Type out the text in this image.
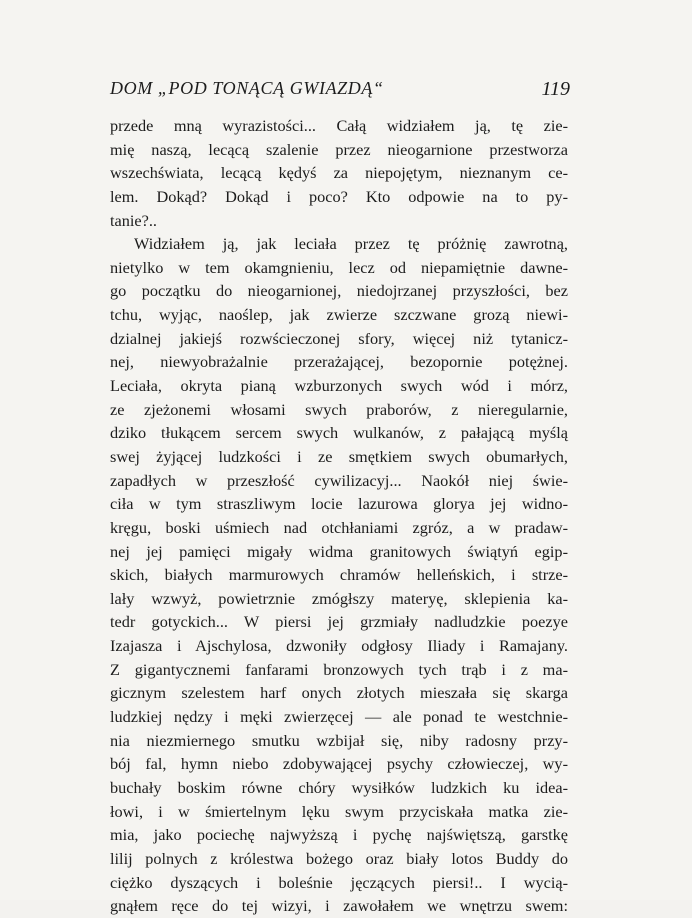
DOM „POD TONĄCĄ GWIAZDĄ“	119
przede mną wyrazistości... Całą widziałem ją, tę zie-
mię naszą, lecącą szalenie przez nieogarnione przestworza
wszechświata, lecącą kędyś za niepojętym, nieznanym ce-
lem. Dokąd? Dokąd i poco? Kto odpowie na to py-
tanie?..
Widziałem ją, jak leciała przez tę próżnię zawrotną,
nietylko w tem okamgnieniu, lecz od niepamiętnie dawne-
go początku do nieogarnionej, niedojrzanej przyszłości, bez
tchu, wyjąc, naoślep, jak zwierze szczwane grozą niewi-
dzialnej jakiejś rozwścieczonej sfory, więcej niż tytanicz-
nej, niewyobrażalnie przerażającej, bezopornie potężnej.
Leciała, okryta pianą wzburzonych swych wód i mórz,
ze zjeżonemi włosami swych praborów, z nieregularnie,
dziko tłukącem sercem swych wulkanów, z pałającą myślą
swej żyjącej ludzkości i ze smętkiem swych obumarłych,
zapadłych w przeszłość cywilizacyj... Naokół niej świe-
ciła w tym straszliwym locie lazurowa glorya jej widno-
kręgu, boski uśmiech nad otchłaniami zgróz, a w pradaw-
nej jej pamięci migały widma granitowych świątyń egip-
skich, białych marmurowych chramów helleńskich, i strze-
lały wzwyż, powietrznie zmógłszy materyę, sklepienia ka-
tedr gotyckich... W piersi jej grzmiały nadludzkie poezye
Izajasza i Ajschylosa, dzwoniły odgłosy Iliady i Ramajany.
Z gigantycznemi fanfarami bronzowych tych trąb i z ma-
gicznym szelestem harf onych złotych mieszała się skarga
ludzkiej nędzy i męki zwierzęcej — ale ponad te westchnie-
nia niezmiernego smutku wzbijał się, niby radosny przy-
bój fal, hymn niebo zdobywającej psychy człowieczej, wy-
buchały boskim równe chóry wysiłków ludzkich ku idea-
łowi, i w śmiertelnym lęku swym przyciskała matka zie-
mia, jako pociechę najwyższą i pychę najświętszą, garstkę
lilij polnych z królestwa bożego oraz biały lotos Buddy do
ciężko dyszących i boleśnie jęczących piersi!.. I wycią-
gnąłem ręce do tej wizyi, i zawołałem we wnętrzu swem:
